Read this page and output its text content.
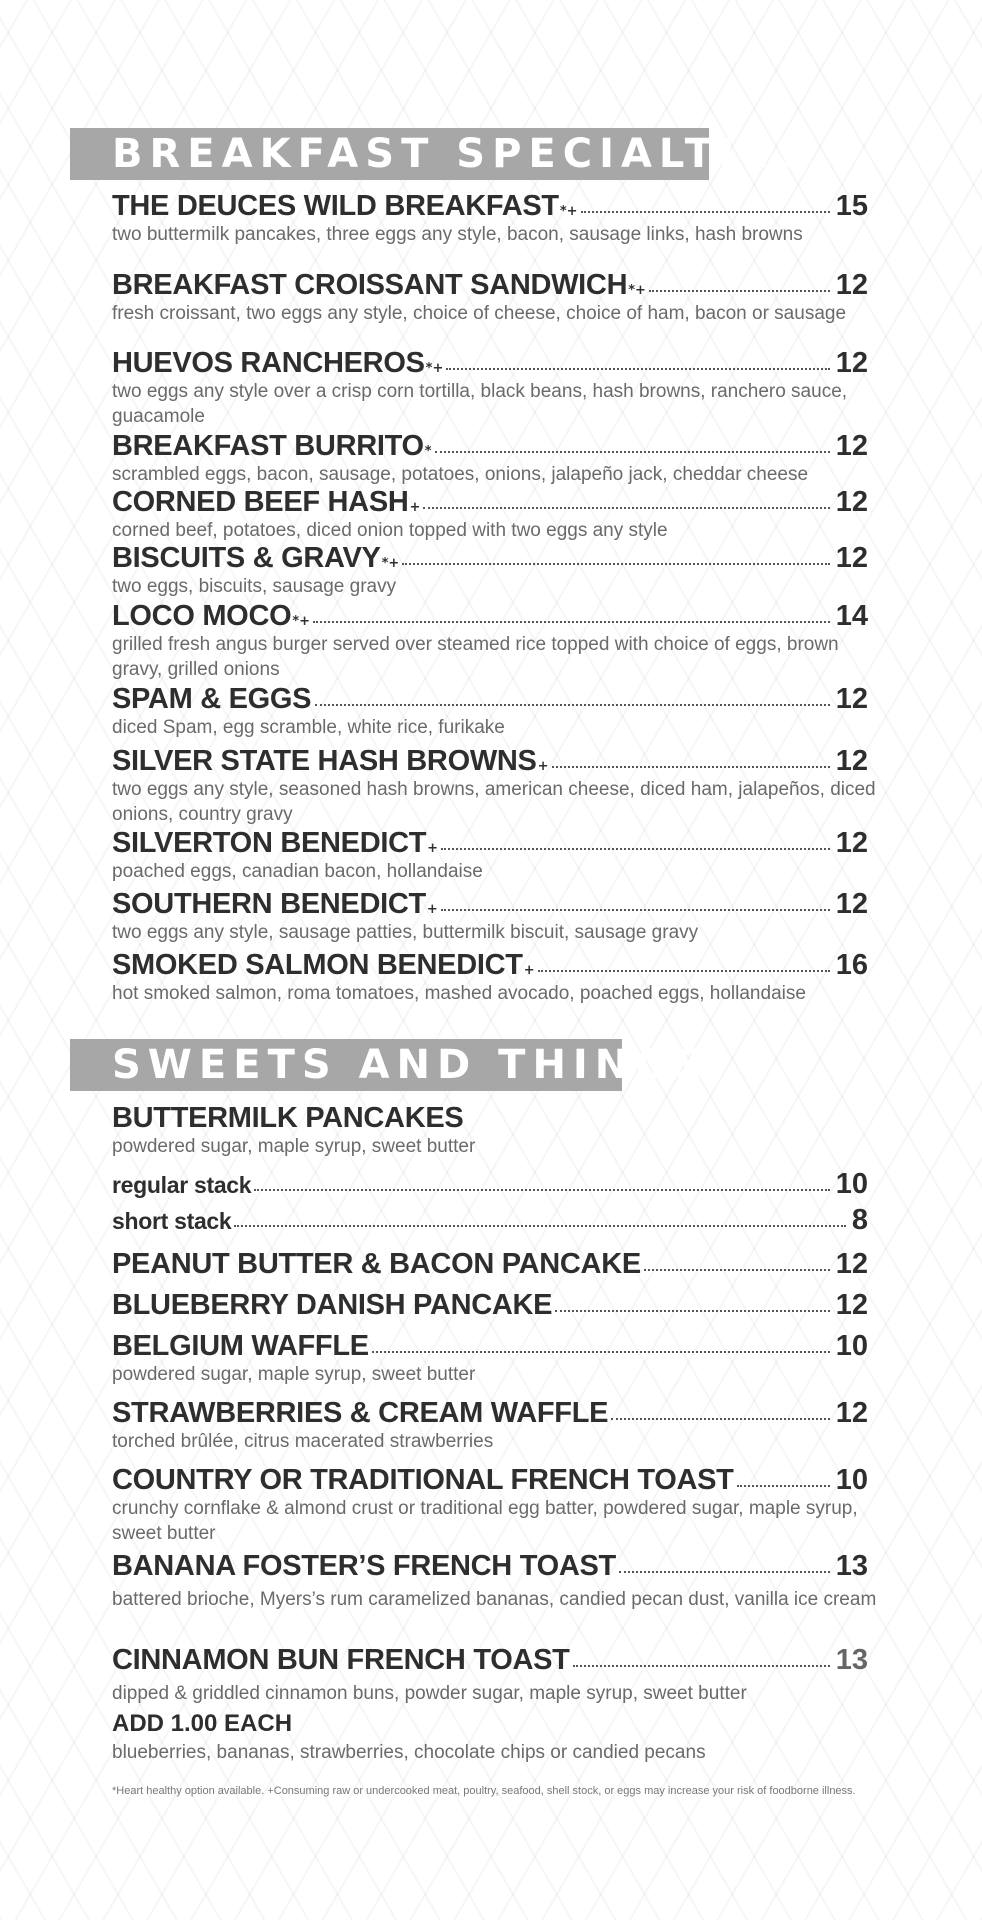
BREAKFAST SPECIALTIES
THE DEUCES WILD BREAKFAST *+	15
two buttermilk pancakes, three eggs any style, bacon, sausage links, hash browns
BREAKFAST CROISSANT SANDWICH *+	12
fresh croissant, two eggs any style, choice of cheese, choice of ham, bacon or sausage
HUEVOS RANCHEROS *+	12
two eggs any style over a crisp corn tortilla, black beans, hash browns, ranchero sauce, guacamole
BREAKFAST BURRITO *	12
scrambled eggs, bacon, sausage, potatoes, onions, jalapeño jack, cheddar cheese
CORNED BEEF HASH +	12
corned beef, potatoes, diced onion topped with two eggs any style
BISCUITS & GRAVY *+	12
two eggs, biscuits, sausage gravy
LOCO MOCO *+	14
grilled fresh angus burger served over steamed rice topped with choice of eggs, brown gravy, grilled onions
SPAM & EGGS	12
diced Spam, egg scramble, white rice, furikake
SILVER STATE HASH BROWNS +	12
two eggs any style, seasoned hash browns, american cheese, diced ham, jalapeños, diced onions, country gravy
SILVERTON BENEDICT +	12
poached eggs, canadian bacon, hollandaise
SOUTHERN BENEDICT +	12
two eggs any style, sausage patties, buttermilk biscuit, sausage gravy
SMOKED SALMON BENEDICT +	16
hot smoked salmon, roma tomatoes, mashed avocado, poached eggs, hollandaise
SWEETS AND THINGS
BUTTERMILK PANCAKES
powdered sugar, maple syrup, sweet butter
regular stack	10
short stack	8
PEANUT BUTTER & BACON PANCAKE	12
BLUEBERRY DANISH PANCAKE	12
BELGIUM WAFFLE	10
powdered sugar, maple syrup, sweet butter
STRAWBERRIES & CREAM WAFFLE	12
torched brûlée, citrus macerated strawberries
COUNTRY OR TRADITIONAL FRENCH TOAST	10
crunchy cornflake & almond crust or traditional egg batter, powdered sugar, maple syrup, sweet butter
BANANA FOSTER’S FRENCH TOAST	13
battered brioche, Myers’s rum caramelized bananas, candied pecan dust, vanilla ice cream
CINNAMON BUN FRENCH TOAST	13
dipped & griddled cinnamon buns, powder sugar, maple syrup, sweet butter
ADD 1.00 EACH
blueberries, bananas, strawberries, chocolate chips or candied pecans
*Heart healthy option available. +Consuming raw or undercooked meat, poultry, seafood, shell stock, or eggs may increase your risk of foodborne illness.
